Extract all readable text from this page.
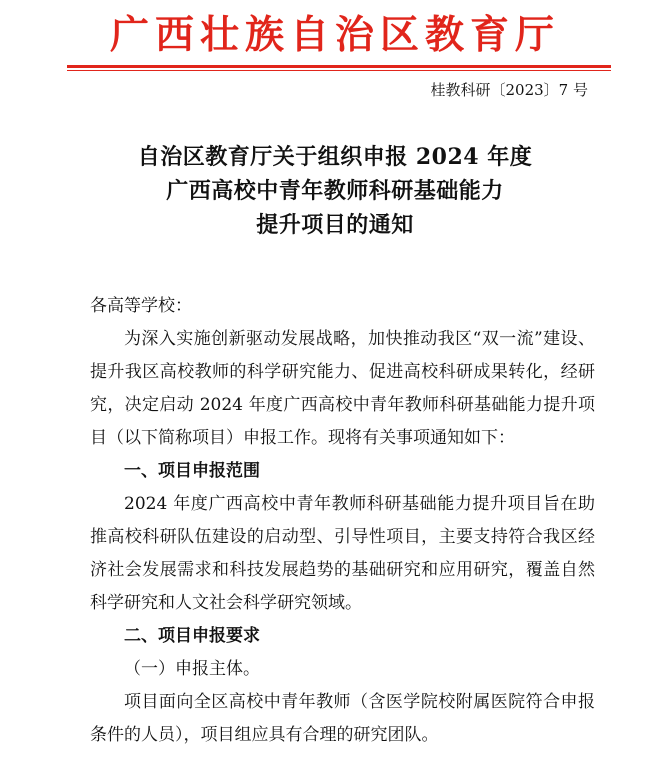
广西壮族自治区教育厅
桂教科研〔2023〕7 号
自治区教育厅关于组织申报 2024 年度
广西高校中青年教师科研基础能力
提升项目的通知

各高等学校：

为深入实施创新驱动发展战略，加快推动我区“双一流”建设、提升我区高校教师的科学研究能力、促进高校科研成果转化，经研究，决定启动 2024 年度广西高校中青年教师科研基础能力提升项目（以下简称项目）申报工作。现将有关事项通知如下：

一、项目申报范围

2024 年度广西高校中青年教师科研基础能力提升项目旨在助推高校科研队伍建设的启动型、引导性项目，主要支持符合我区经济社会发展需求和科技发展趋势的基础研究和应用研究，覆盖自然科学研究和人文社会科学研究领域。

二、项目申报要求

（一）申报主体。

项目面向全区高校中青年教师（含医学院校附属医院符合申报条件的人员），项目组应具有合理的研究团队。
